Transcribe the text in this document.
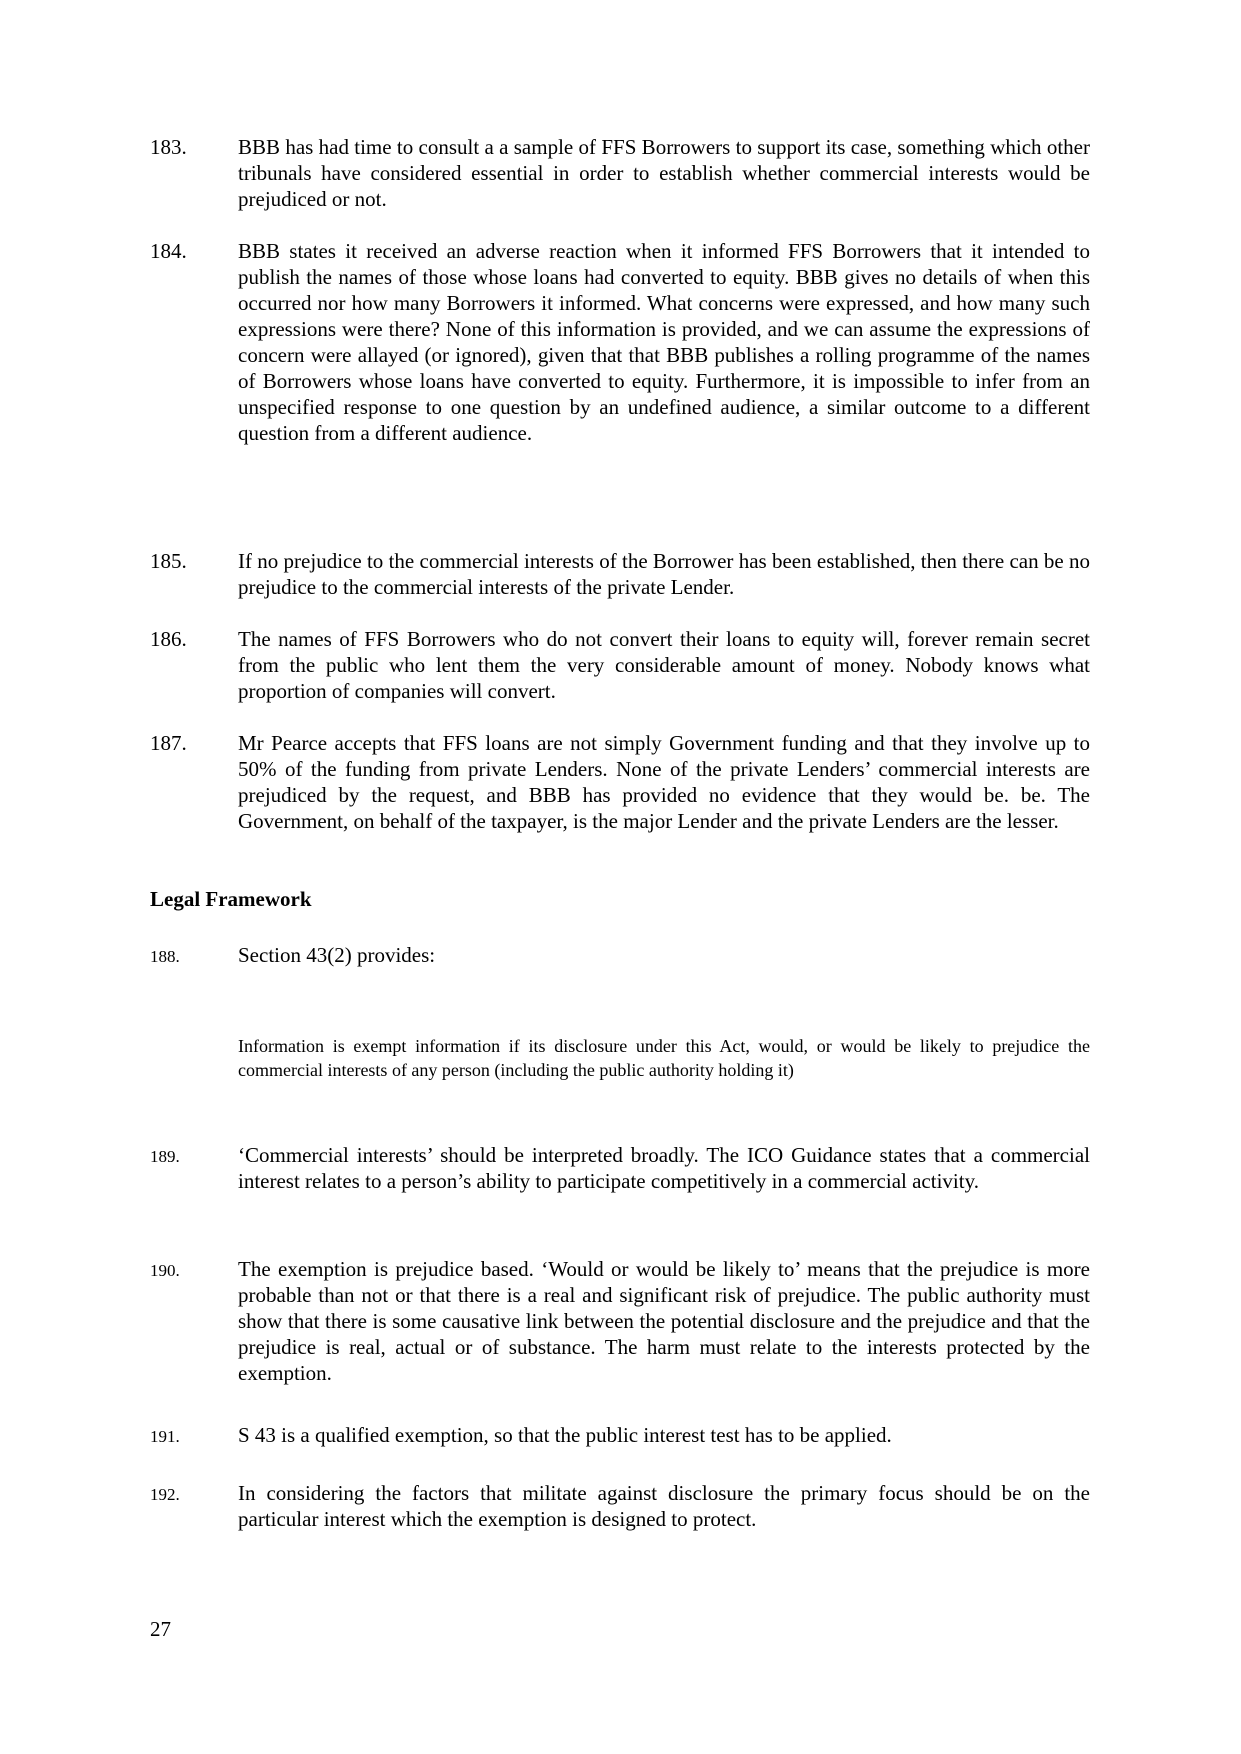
183.	BBB has had time to consult a a sample of FFS Borrowers to support its case, something which other tribunals have considered essential in order to establish whether commercial interests would be prejudiced or not.
184.	BBB states it received an adverse reaction when it informed FFS Borrowers that it intended to publish the names of those whose loans had converted to equity. BBB gives no details of when this occurred nor how many Borrowers it informed. What concerns were expressed, and how many such expressions were there? None of this information is provided, and we can assume the expressions of concern were allayed (or ignored), given that that BBB publishes a rolling programme of the names of Borrowers whose loans have converted to equity. Furthermore, it is impossible to infer from an unspecified response to one question by an undefined audience, a similar outcome to a different question from a different audience.
185.	If no prejudice to the commercial interests of the Borrower has been established, then there can be no prejudice to the commercial interests of the private Lender.
186.	The names of FFS Borrowers who do not convert their loans to equity will, forever remain secret from the public who lent them the very considerable amount of money. Nobody knows what proportion of companies will convert.
187.	Mr Pearce accepts that FFS loans are not simply Government funding and that they involve up to 50% of the funding from private Lenders. None of the private Lenders’ commercial interests are prejudiced by the request, and BBB has provided no evidence that they would be. be. The Government, on behalf of the taxpayer, is the major Lender and the private Lenders are the lesser.
Legal Framework
188.	Section 43(2) provides:
Information is exempt information if its disclosure under this Act, would, or would be likely to prejudice the commercial interests of any person (including the public authority holding it)
189.	‘Commercial interests’ should be interpreted broadly. The ICO Guidance states that a commercial interest relates to a person’s ability to participate competitively in a commercial activity.
190.	The exemption is prejudice based. ‘Would or would be likely to’ means that the prejudice is more probable than not or that there is a real and significant risk of prejudice. The public authority must show that there is some causative link between the potential disclosure and the prejudice and that the prejudice is real, actual or of substance. The harm must relate to the interests protected by the exemption.
191.	S 43 is a qualified exemption, so that the public interest test has to be applied.
192.	In considering the factors that militate against disclosure the primary focus should be on the particular interest which the exemption is designed to protect.
27
